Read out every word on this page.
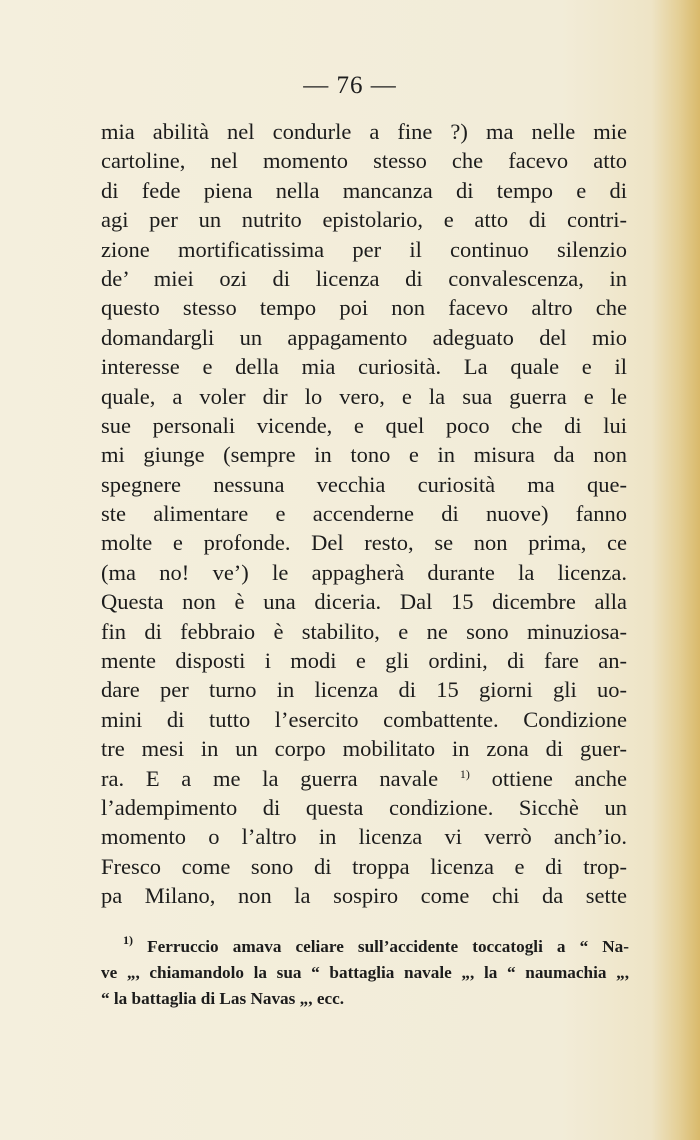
— 76 —
mia abilità nel condurle a fine ?) ma nelle mie
cartoline, nel momento stesso che facevo atto
di fede piena nella mancanza di tempo e di
agi per un nutrito epistolario, e atto di contri-
zione mortificatissima per il continuo silenzio
de’ miei ozi di licenza di convalescenza, in
questo stesso tempo poi non facevo altro che
domandargli un appagamento adeguato del mio
interesse e della mia curiosità. La quale e il
quale, a voler dir lo vero, e la sua guerra e le
sue personali vicende, e quel poco che di lui
mi giunge (sempre in tono e in misura da non
spegnere nessuna vecchia curiosità ma que-
ste alimentare e accenderne di nuove) fanno
molte e profonde. Del resto, se non prima, ce
(ma no! ve’) le appagherà durante la licenza.
Questa non è una diceria. Dal 15 dicembre alla
fin di febbraio è stabilito, e ne sono minuziosa-
mente disposti i modi e gli ordini, di fare an-
dare per turno in licenza di 15 giorni gli uo-
mini di tutto l’esercito combattente. Condizione
tre mesi in un corpo mobilitato in zona di guer-
ra. E a me la guerra navale $^{1)}$ ottiene anche
l’adempimento di questa condizione. Sicchè un
momento o l’altro in licenza vi verrò anch’io.
Fresco come sono di troppa licenza e di trop-
pa Milano, non la sospiro come chi da sette
$^{1)}$ Ferruccio amava celiare sull’accidente toccatogli a “ Na-
ve „, chiamandolo la sua “ battaglia navale „, la “ naumachia „,
“ la battaglia di Las Navas „, ecc.
